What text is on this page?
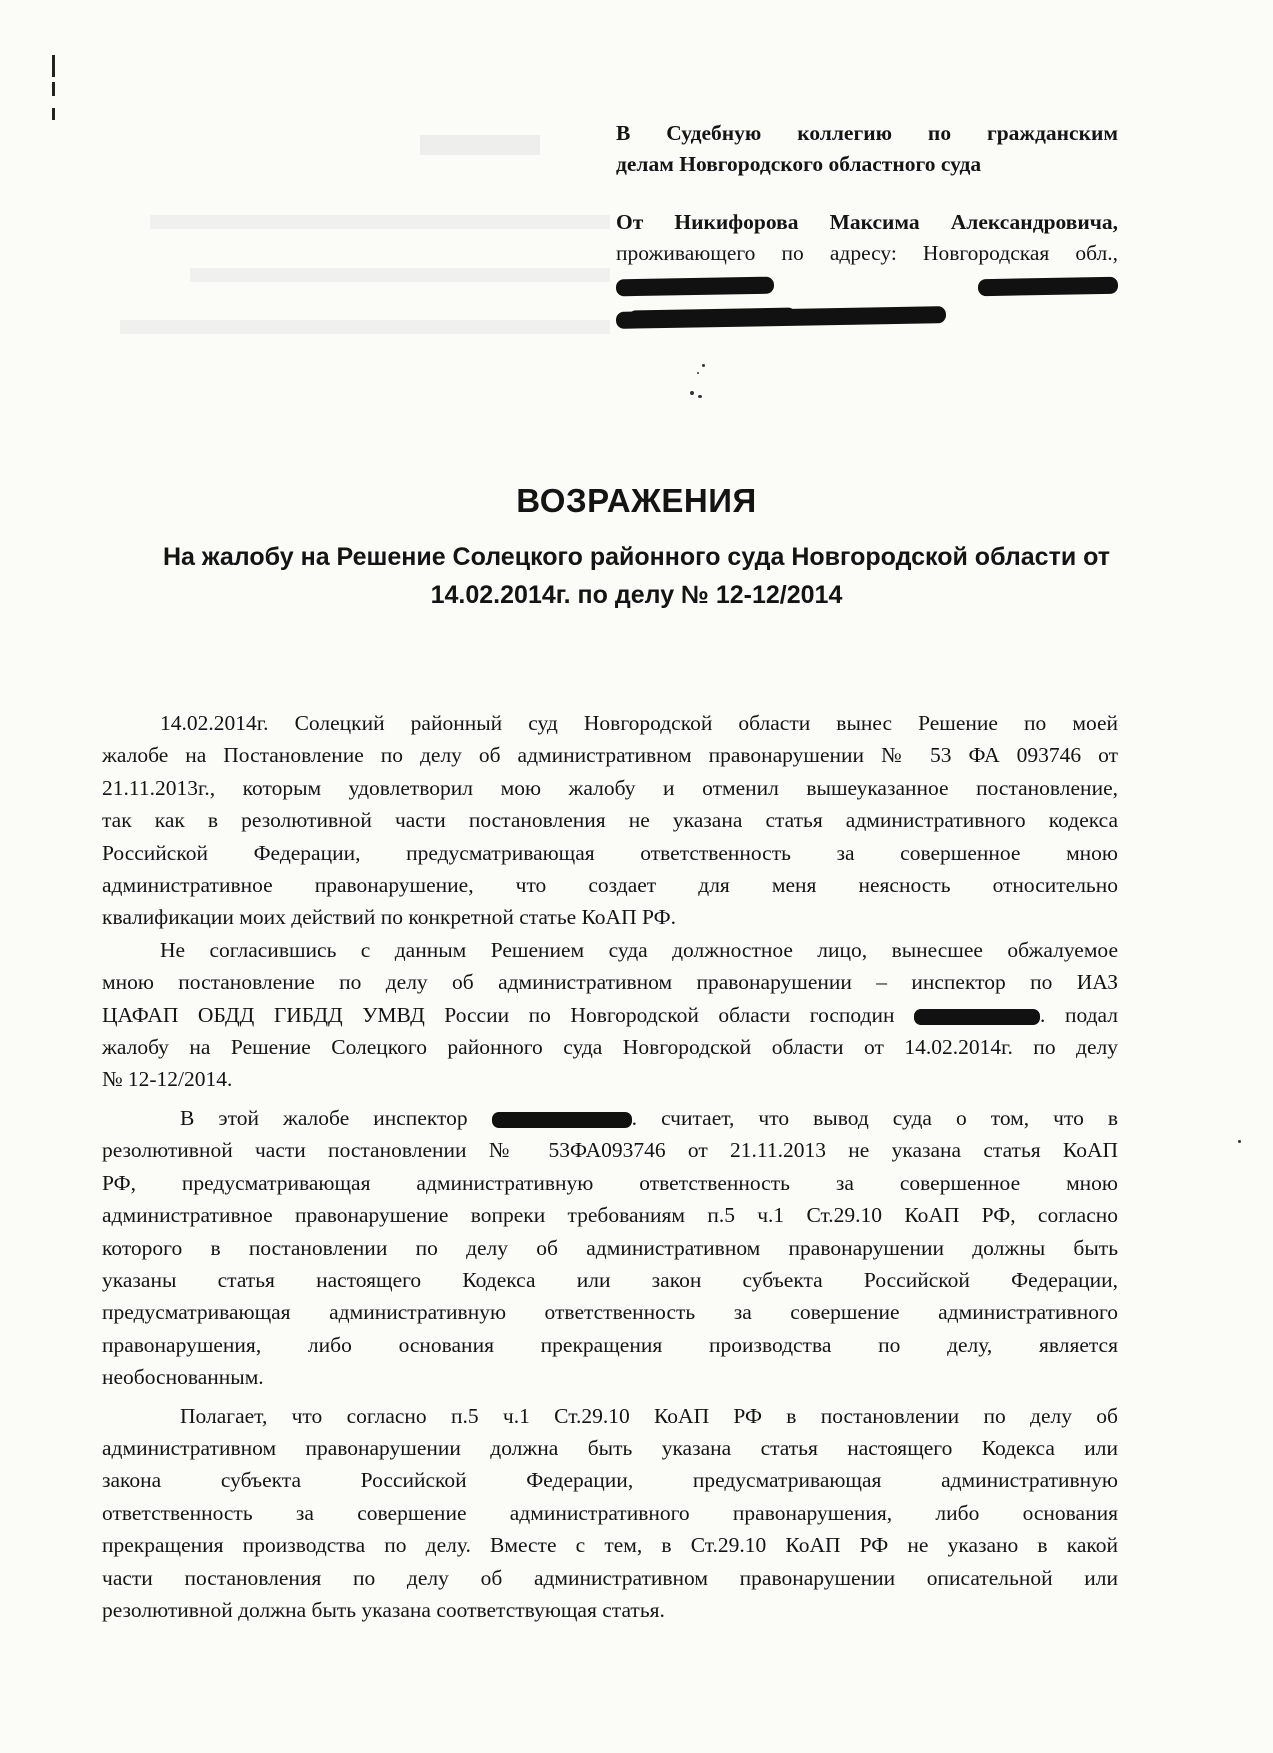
В Судебную коллегию по гражданским
делам Новгородского областного суда
От Никифорова Максима Александровича,
проживающего по адресу: Новгородская обл.,

ВОЗРАЖЕНИЯ
На жалобу на Решение Солецкого районного суда Новгородской области от
14.02.2014г. по делу № 12-12/2014
14.02.2014г. Солецкий районный суд Новгородской области вынес Решение по моей
жалобе на Постановление по делу об административном правонарушении № 53 ФА 093746 от
21.11.2013г., которым удовлетворил мою жалобу и отменил вышеуказанное постановление,
так как в резолютивной части постановления не указана статья административного кодекса
Российской Федерации, предусматривающая ответственность за совершенное мною
административное правонарушение, что создает для меня неясность относительно
квалификации моих действий по конкретной статье КоАП РФ.
Не согласившись с данным Решением суда должностное лицо, вынесшее обжалуемое
мною постановление по делу об административном правонарушении – инспектор по ИАЗ
ЦАФАП ОБДД ГИБДД УМВД России по Новгородской области господин	. подал
жалобу на Решение Солецкого районного суда Новгородской области от 14.02.2014г. по делу
№ 12-12/2014.
В этой жалобе инспектор	. считает, что вывод суда о том, что в
резолютивной части постановлении № 53ФА093746 от 21.11.2013 не указана статья КоАП
РФ, предусматривающая административную ответственность за совершенное мною
административное правонарушение вопреки требованиям п.5 ч.1 Ст.29.10 КоАП РФ, согласно
которого в постановлении по делу об административном правонарушении должны быть
указаны статья настоящего Кодекса или закон субъекта Российской Федерации,
предусматривающая административную ответственность за совершение административного
правонарушения, либо основания прекращения производства по делу, является
необоснованным.
Полагает, что согласно п.5 ч.1 Ст.29.10 КоАП РФ в постановлении по делу об
административном правонарушении должна быть указана статья настоящего Кодекса или
закона субъекта Российской Федерации, предусматривающая административную
ответственность за совершение административного правонарушения, либо основания
прекращения производства по делу. Вместе с тем, в Ст.29.10 КоАП РФ не указано в какой
части постановления по делу об административном правонарушении описательной или
резолютивной должна быть указана соответствующая статья.
